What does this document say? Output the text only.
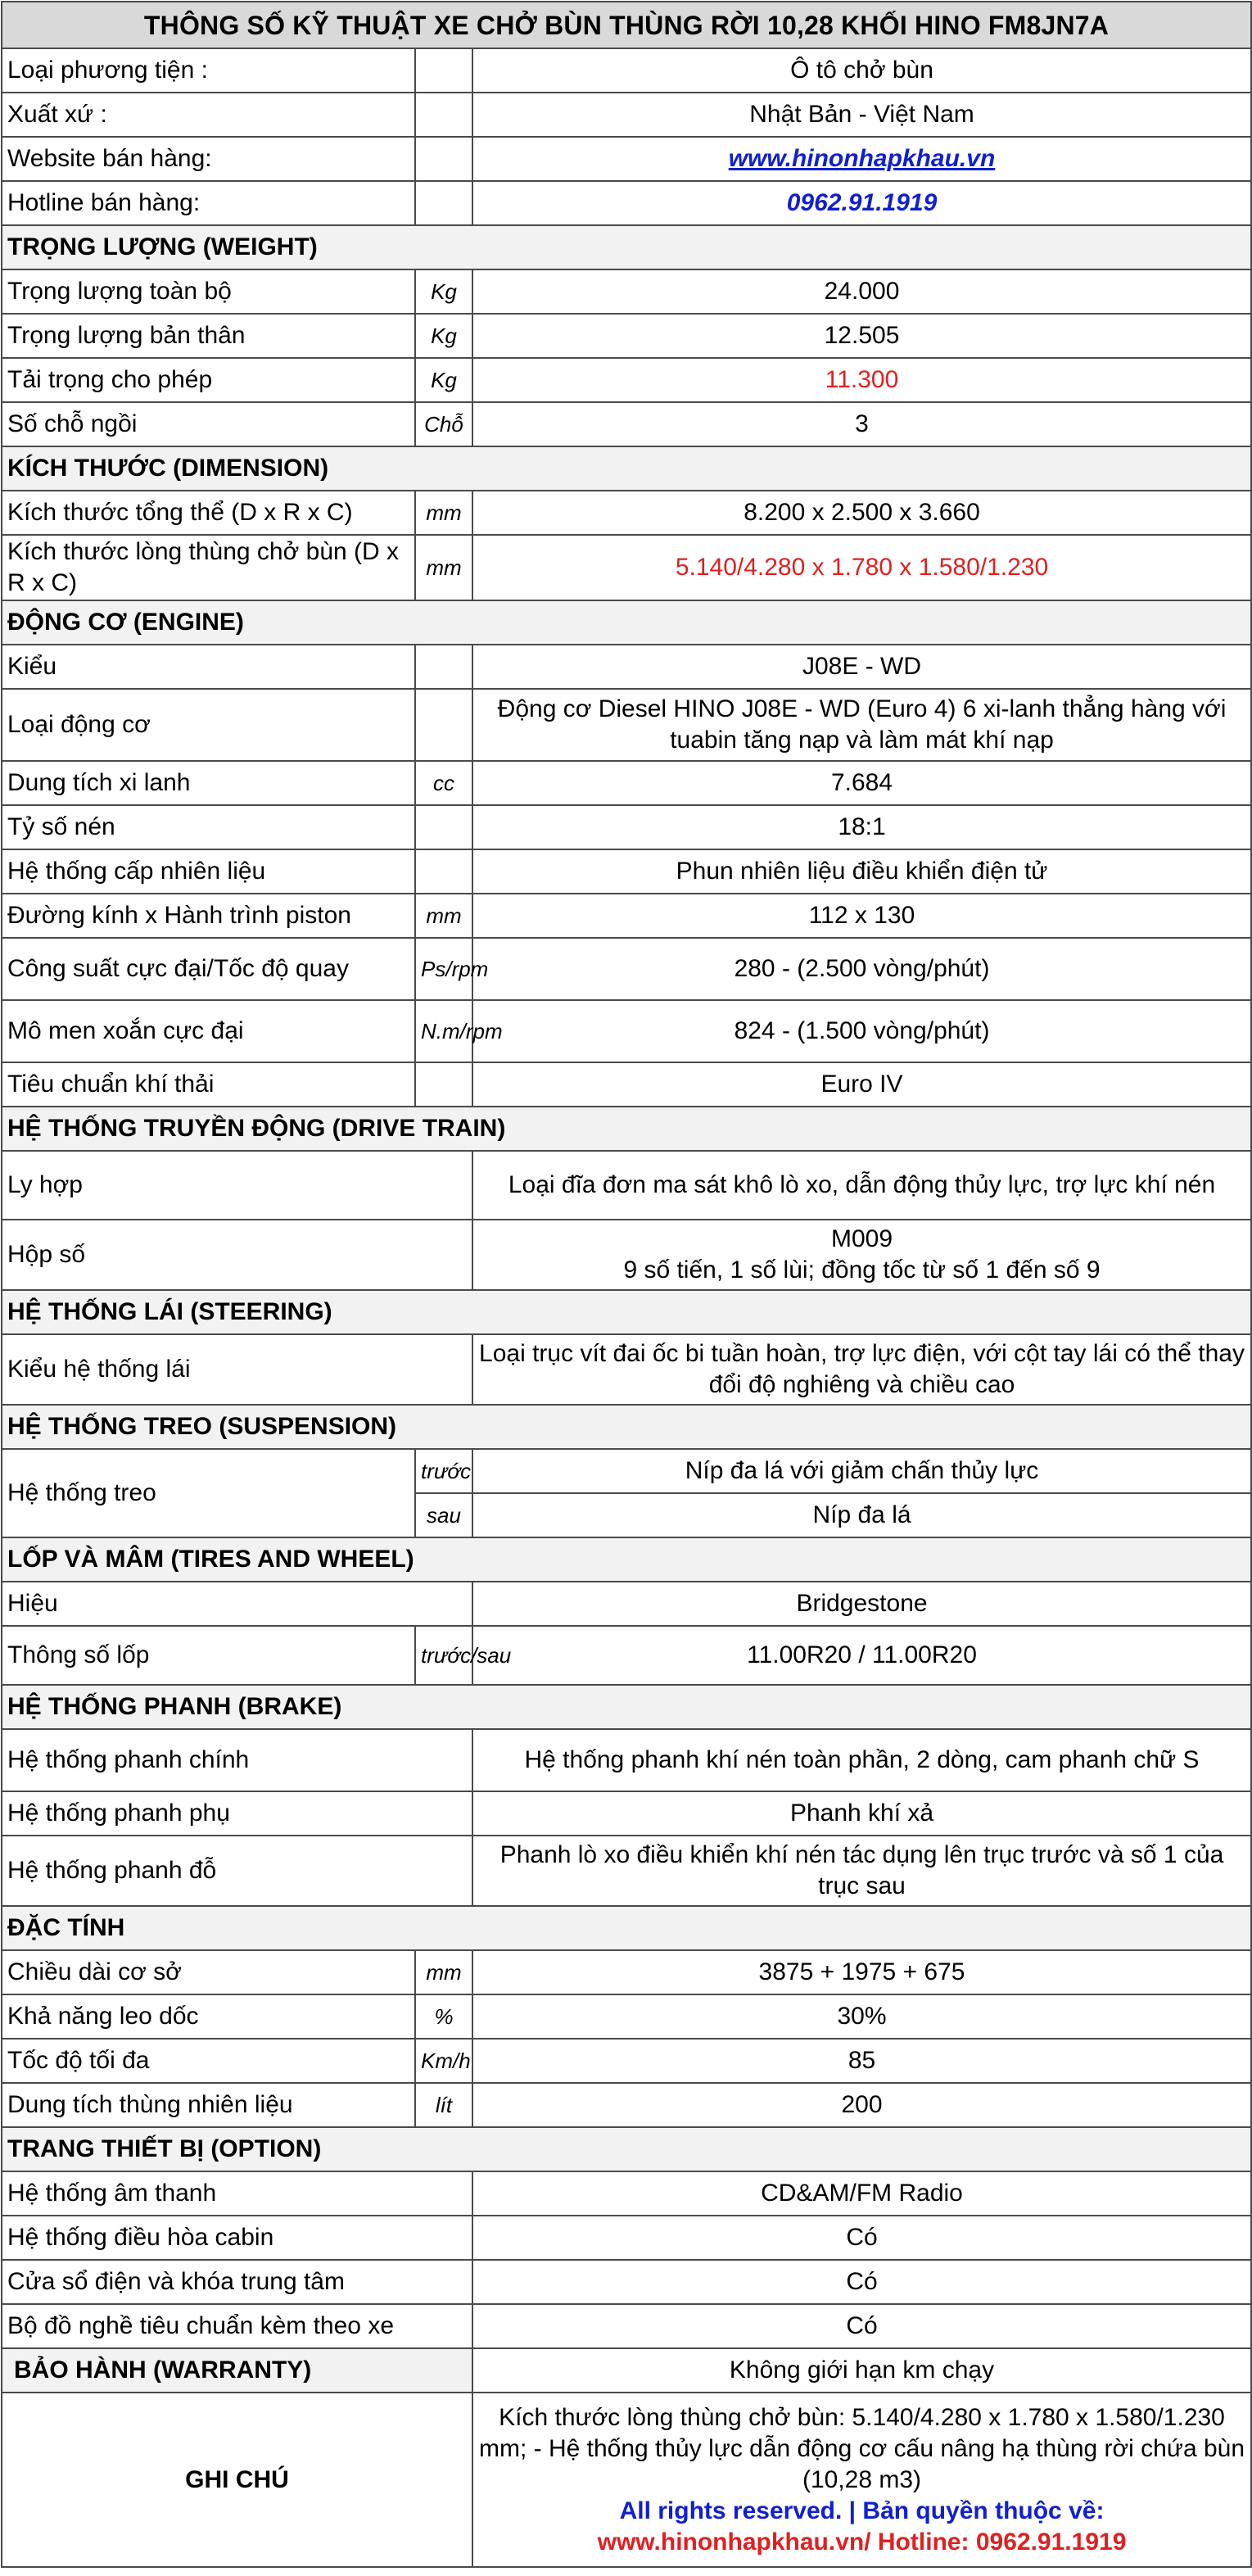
THÔNG SỐ KỸ THUẬT XE CHỞ BÙN THÙNG RỜI 10,28 KHỐI HINO FM8JN7A		
Loại phương tiện :		Ô tô chở bùn
Xuất xứ :		Nhật Bản - Việt Nam
Website bán hàng:		www.hinonhapkhau.vn
Hotline bán hàng:		0962.91.1919
TRỌNG LƯỢNG (WEIGHT)		
Trọng lượng toàn bộ	Kg	24.000
Trọng lượng bản thân	Kg	12.505
Tải trọng cho phép	Kg	11.300
Số chỗ ngồi	Chỗ	3
KÍCH THƯỚC (DIMENSION)		
Kích thước tổng thể (D x R x C)	mm	8.200 x 2.500 x 3.660
Kích thước lòng thùng chở bùn (D x R x C)	mm	5.140/4.280 x 1.780 x 1.580/1.230
ĐỘNG CƠ (ENGINE)		
Kiểu		J08E - WD
Loại động cơ		Động cơ Diesel HINO J08E - WD (Euro 4) 6 xi-lanh thẳng hàng với tuabin tăng nạp và làm mát khí nạp
Dung tích xi lanh	cc	7.684
Tỷ số nén		18:1
Hệ thống cấp nhiên liệu		Phun nhiên liệu điều khiển điện tử
Đường kính x Hành trình piston	mm	112 x 130
Công suất cực đại/Tốc độ quay	Ps/rpm	280 - (2.500 vòng/phút)
Mô men xoắn cực đại	N.m/rpm	824 - (1.500 vòng/phút)
Tiêu chuẩn khí thải		Euro IV
HỆ THỐNG TRUYỀN ĐỘNG (DRIVE TRAIN)		
Ly hợp		Loại đĩa đơn ma sát khô lò xo, dẫn động thủy lực, trợ lực khí nén
Hộp số		M009
9 số tiến, 1 số lùi; đồng tốc từ số 1 đến số 9

HỆ THỐNG LÁI (STEERING)		
Kiểu hệ thống lái		Loại trục vít đai ốc bi tuần hoàn, trợ lực điện, với cột tay lái có thể thay đổi độ nghiêng và chiều cao
HỆ THỐNG TREO (SUSPENSION)		
Hệ thống treo	trước	Níp đa lá với giảm chấn thủy lực
	sau	Níp đa lá
LỐP VÀ MÂM (TIRES AND WHEEL)		
Hiệu		Bridgestone
Thông số lốp	trước/sau	11.00R20 / 11.00R20
HỆ THỐNG PHANH (BRAKE)		
Hệ thống phanh chính		Hệ thống phanh khí nén toàn phần, 2 dòng, cam phanh chữ S
Hệ thống phanh phụ		Phanh khí xả
Hệ thống phanh đỗ		Phanh lò xo điều khiển khí nén tác dụng lên trục trước và số 1 của trục sau
ĐẶC TÍNH		
Chiều dài cơ sở	mm	3875 + 1975 + 675
Khả năng leo dốc	%	30%
Tốc độ tối đa	Km/h	85
Dung tích thùng nhiên liệu	lít	200
TRANG THIẾT BỊ (OPTION)		
Hệ thống âm thanh		CD&AM/FM Radio
Hệ thống điều hòa cabin		Có
Cửa sổ điện và khóa trung tâm		Có
Bộ đồ nghề tiêu chuẩn kèm theo xe		Có
BẢO HÀNH (WARRANTY)		Không giới hạn km chạy
GHI CHÚ		Kích thước lòng thùng chở bùn: 5.140/4.280 x 1.780 x 1.580/1.230 mm; - Hệ thống thủy lực dẫn động cơ cấu nâng hạ thùng rời chứa bùn (10,28 m3)
All rights reserved. | Bản quyền thuộc về:
www.hinonhapkhau.vn/ Hotline: 0962.91.1919
